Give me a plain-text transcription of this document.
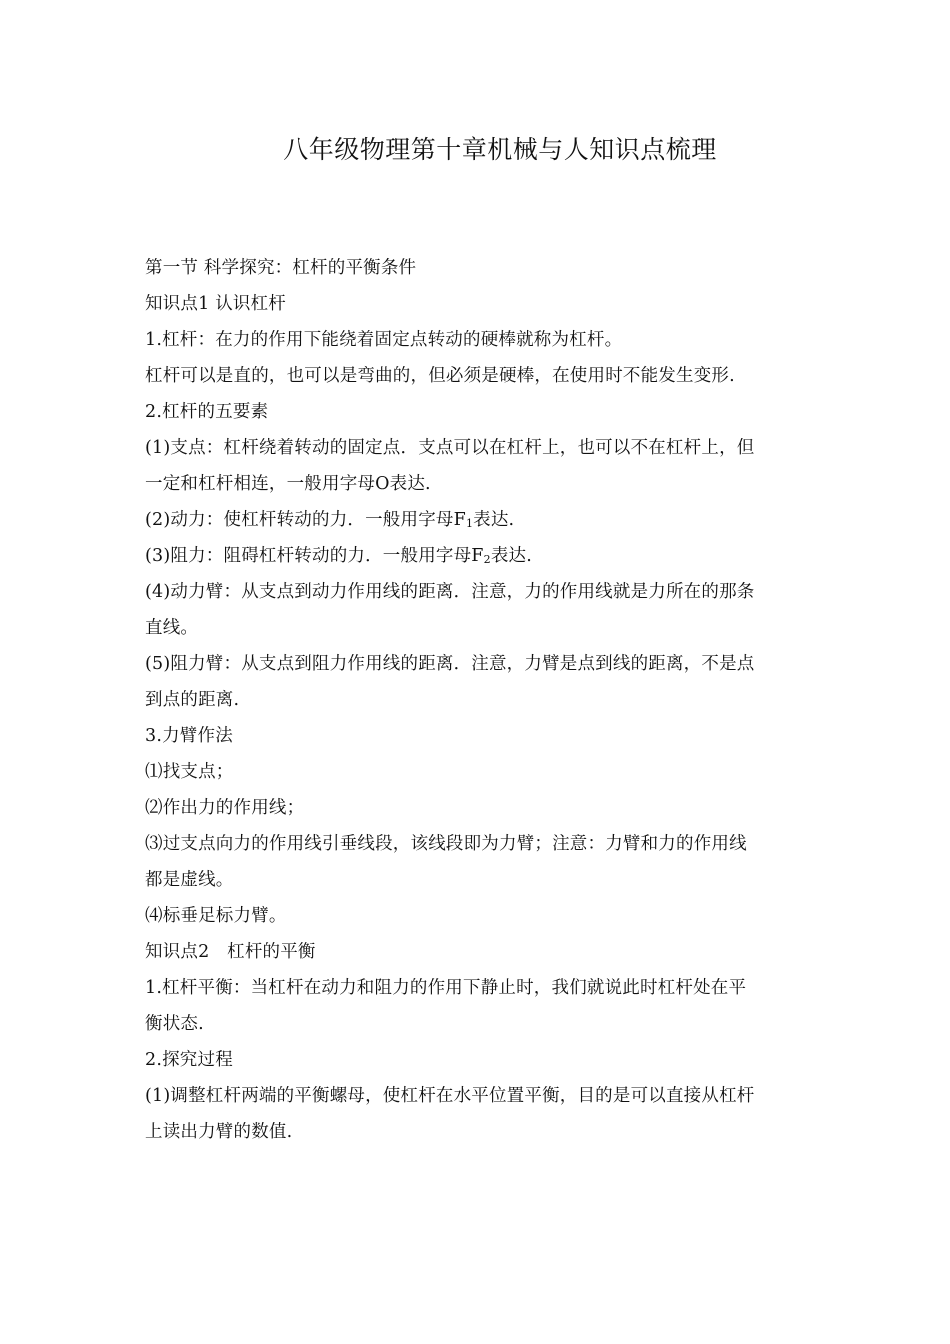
八年级物理第十章机械与人知识点梳理
第一节 科学探究：杠杆的平衡条件
知识点1 认识杠杆
1.杠杆：在力的作用下能绕着固定点转动的硬棒就称为杠杆。
杠杆可以是直的，也可以是弯曲的，但必须是硬棒，在使用时不能发生变形.
2.杠杆的五要素
(1)支点：杠杆绕着转动的固定点．支点可以在杠杆上，也可以不在杠杆上，但
一定和杠杆相连，一般用字母O表达.
(2)动力：使杠杆转动的力．一般用字母F1表达.
(3)阻力：阻碍杠杆转动的力．一般用字母F2表达.
(4)动力臂：从支点到动力作用线的距离．注意，力的作用线就是力所在的那条
直线。
(5)阻力臂：从支点到阻力作用线的距离．注意，力臂是点到线的距离，不是点
到点的距离.
3.力臂作法
⑴找支点；
⑵作出力的作用线；
⑶过支点向力的作用线引垂线段，该线段即为力臂；注意：力臂和力的作用线
都是虚线。
⑷标垂足标力臂。
知识点2　杠杆的平衡
1.杠杆平衡：当杠杆在动力和阻力的作用下静止时，我们就说此时杠杆处在平
衡状态.
2.探究过程
(1)调整杠杆两端的平衡螺母，使杠杆在水平位置平衡，目的是可以直接从杠杆
上读出力臂的数值.
